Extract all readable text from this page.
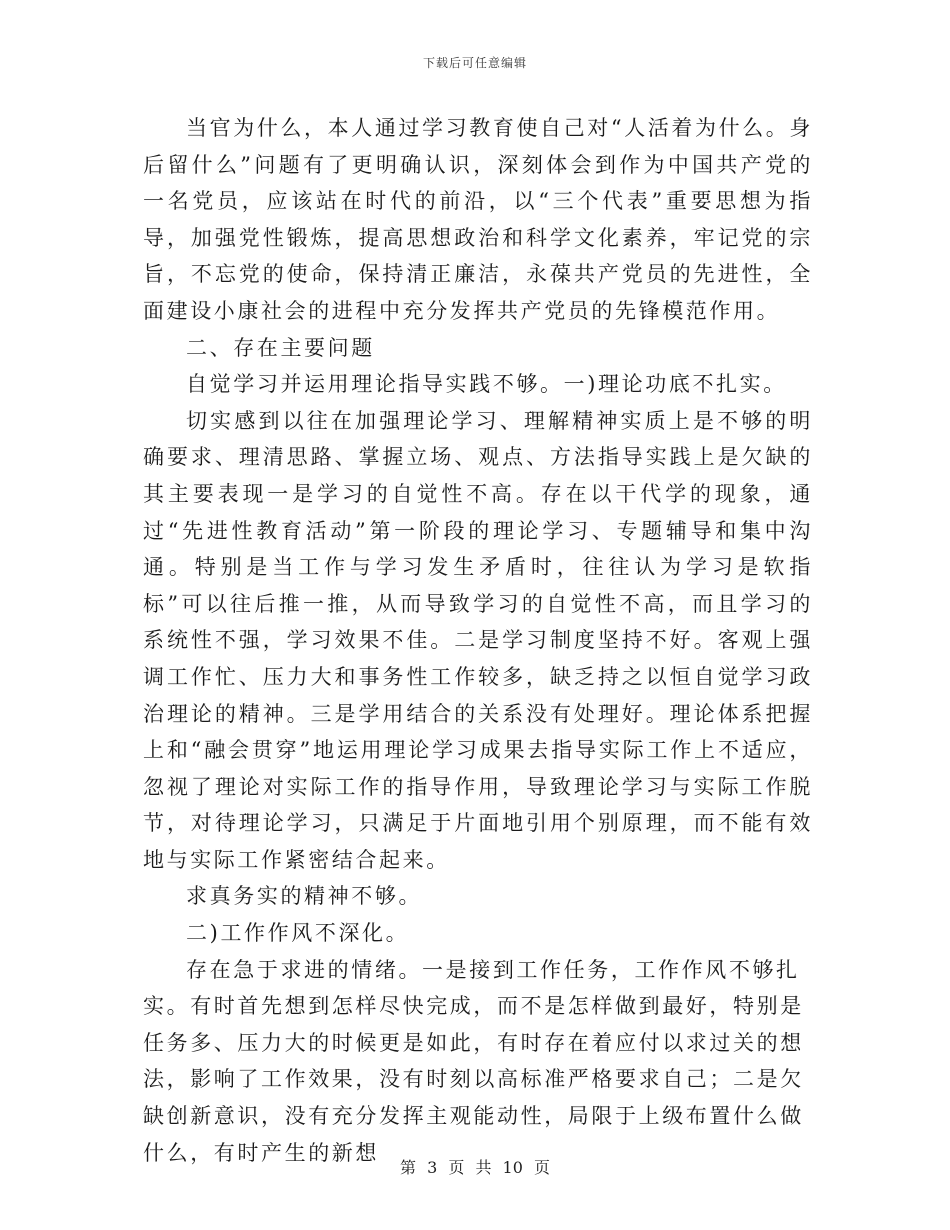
下载后可任意编辑

当官为什么，本人通过学习教育使自己对“人活着为什么。身后留什么”问题有了更明确认识，深刻体会到作为中国共产党的一名党员，应该站在时代的前沿，以“三个代表”重要思想为指导，加强党性锻炼，提高思想政治和科学文化素养，牢记党的宗旨，不忘党的使命，保持清正廉洁，永葆共产党员的先进性，全面建设小康社会的进程中充分发挥共产党员的先锋模范作用。

二、存在主要问题

自觉学习并运用理论指导实践不够。一)理论功底不扎实。

切实感到以往在加强理论学习、理解精神实质上是不够的明确要求、理清思路、掌握立场、观点、方法指导实践上是欠缺的其主要表现一是学习的自觉性不高。存在以干代学的现象，通过“先进性教育活动”第一阶段的理论学习、专题辅导和集中沟通。特别是当工作与学习发生矛盾时，往往认为学习是软指标”可以往后推一推，从而导致学习的自觉性不高，而且学习的系统性不强，学习效果不佳。二是学习制度坚持不好。客观上强调工作忙、压力大和事务性工作较多，缺乏持之以恒自觉学习政治理论的精神。三是学用结合的关系没有处理好。理论体系把握上和“融会贯穿”地运用理论学习成果去指导实际工作上不适应，忽视了理论对实际工作的指导作用，导致理论学习与实际工作脱节，对待理论学习，只满足于片面地引用个别原理，而不能有效地与实际工作紧密结合起来。

求真务实的精神不够。

二)工作作风不深化。

存在急于求进的情绪。一是接到工作任务，工作作风不够扎实。有时首先想到怎样尽快完成，而不是怎样做到最好，特别是任务多、压力大的时候更是如此，有时存在着应付以求过关的想法，影响了工作效果，没有时刻以高标准严格要求自己；二是欠缺创新意识，没有充分发挥主观能动性，局限于上级布置什么做什么，有时产生的新想

第 3 页 共 10 页
